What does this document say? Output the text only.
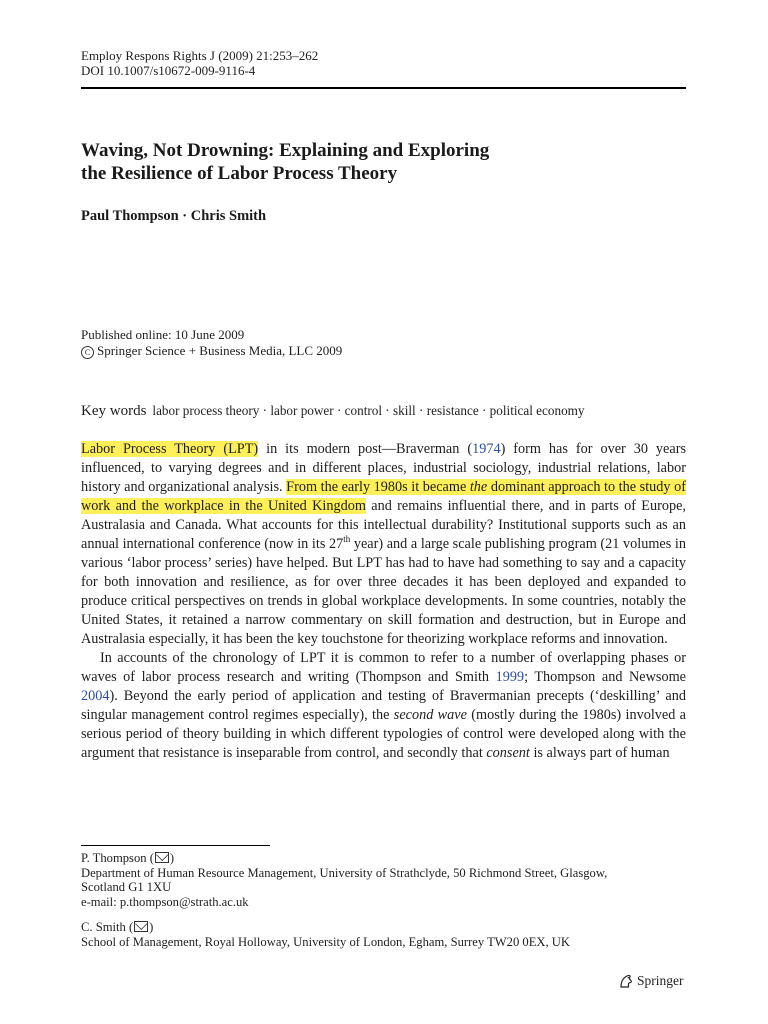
Employ Respons Rights J (2009) 21:253–262
DOI 10.1007/s10672-009-9116-4
Waving, Not Drowning: Explaining and Exploring
the Resilience of Labor Process Theory
Paul Thompson · Chris Smith
Published online: 10 June 2009
C Springer Science + Business Media, LLC 2009
Key words labor process theory · labor power · control · skill · resistance · political economy

Labor Process Theory (LPT) in its modern post—Braverman (1974) form has for over 30 years influenced, to varying degrees and in different places, industrial sociology, industrial relations, labor history and organizational analysis. From the early 1980s it became the dominant approach to the study of work and the workplace in the United Kingdom and remains influential there, and in parts of Europe, Australasia and Canada. What accounts for this intellectual durability? Institutional supports such as an annual international conference (now in its 27th year) and a large scale publishing program (21 volumes in various ‘labor process’ series) have helped. But LPT has had to have had something to say and a capacity for both innovation and resilience, as for over three decades it has been deployed and expanded to produce critical perspectives on trends in global workplace developments. In some countries, notably the United States, it retained a narrow commentary on skill formation and destruction, but in Europe and Australasia especially, it has been the key touchstone for theorizing workplace reforms and innovation.

In accounts of the chronology of LPT it is common to refer to a number of overlapping phases or waves of labor process research and writing (Thompson and Smith 1999; Thompson and Newsome 2004). Beyond the early period of application and testing of Bravermanian precepts (‘deskilling’ and singular management control regimes especially), the second wave (mostly during the 1980s) involved a serious period of theory building in which different typologies of control were developed along with the argument that resistance is inseparable from control, and secondly that consent is always part of human

P. Thompson ( )
Department of Human Resource Management, University of Strathclyde, 50 Richmond Street, Glasgow,
Scotland G1 1XU
e-mail: p.thompson@strath.ac.uk
C. Smith ( )
School of Management, Royal Holloway, University of London, Egham, Surrey TW20 0EX, UK
Springer
